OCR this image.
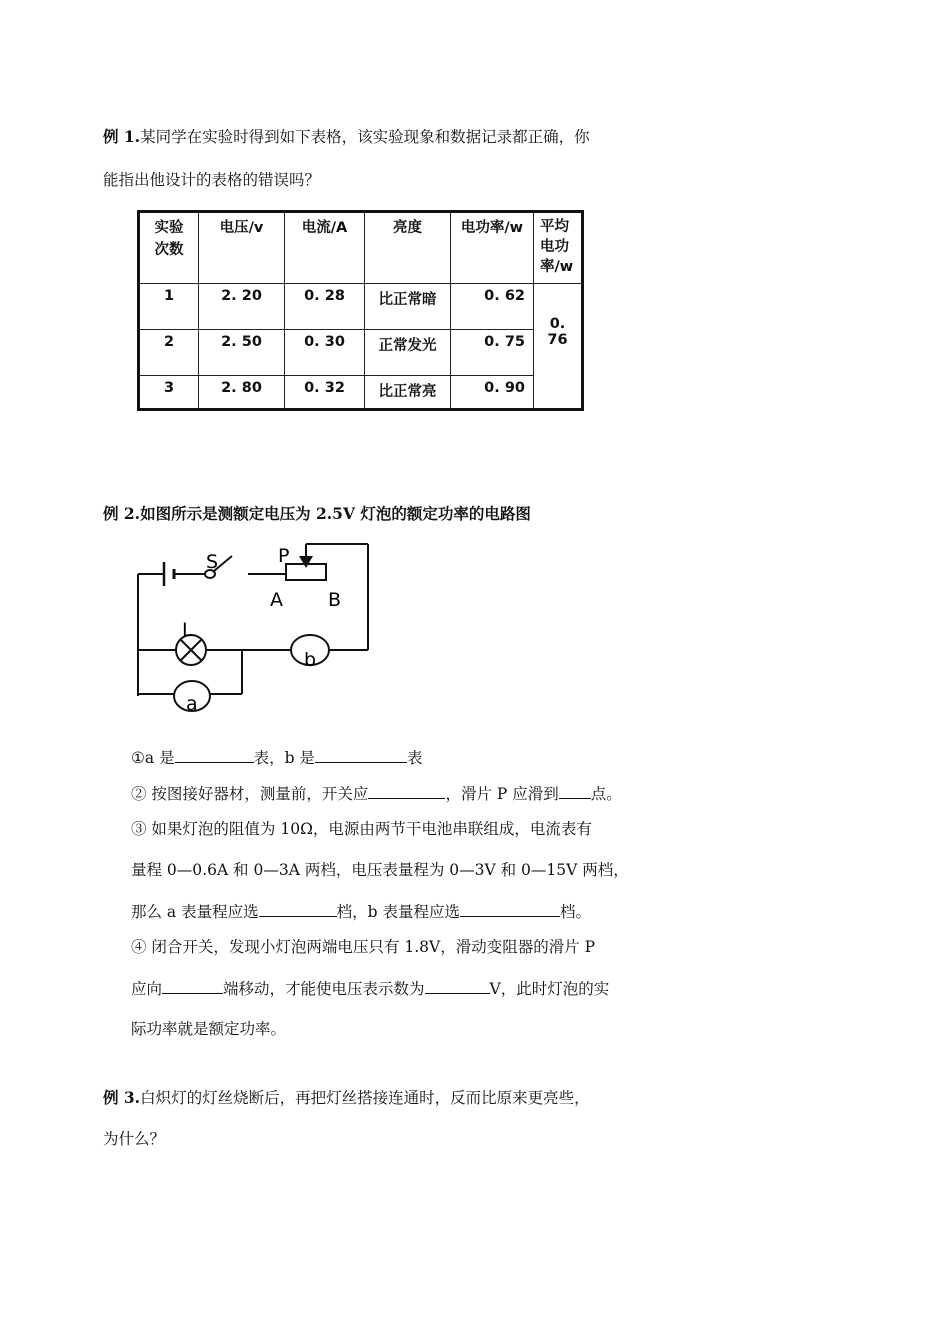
例 1.某同学在实验时得到如下表格，该实验现象和数据记录都正确，你
能指出他设计的表格的错误吗？
实验
次数	电压/v	电流/A	亮度	电功率/w	平均
电功
率/w
1	2. 20	0. 28	比正常暗	0. 62	0. 76
2	2. 50	0. 30	正常发光	0. 75	
3	2. 80	0. 32	比正常亮	0. 90	
例 2.如图所示是测额定电压为 2.5V 灯泡的额定功率的电路图
S	P
A B
L
b
a
①a 是	表，b 是	表
② 按图接好器材，测量前，开关应	，滑片 P 应滑到 点。
③ 如果灯泡的阻值为 10Ω，电源由两节干电池串联组成，电流表有
量程 0—0.6A 和 0—3A 两档，电压表量程为 0—3V 和 0—15V 两档，
那么 a 表量程应选	档，b 表量程应选	档。
④ 闭合开关，发现小灯泡两端电压只有 1.8V，滑动变阻器的滑片 P
应向	端移动，才能使电压表示数为	V，此时灯泡的实
际功率就是额定功率。
例 3.白炽灯的灯丝烧断后，再把灯丝搭接连通时，反而比原来更亮些，
为什么？
